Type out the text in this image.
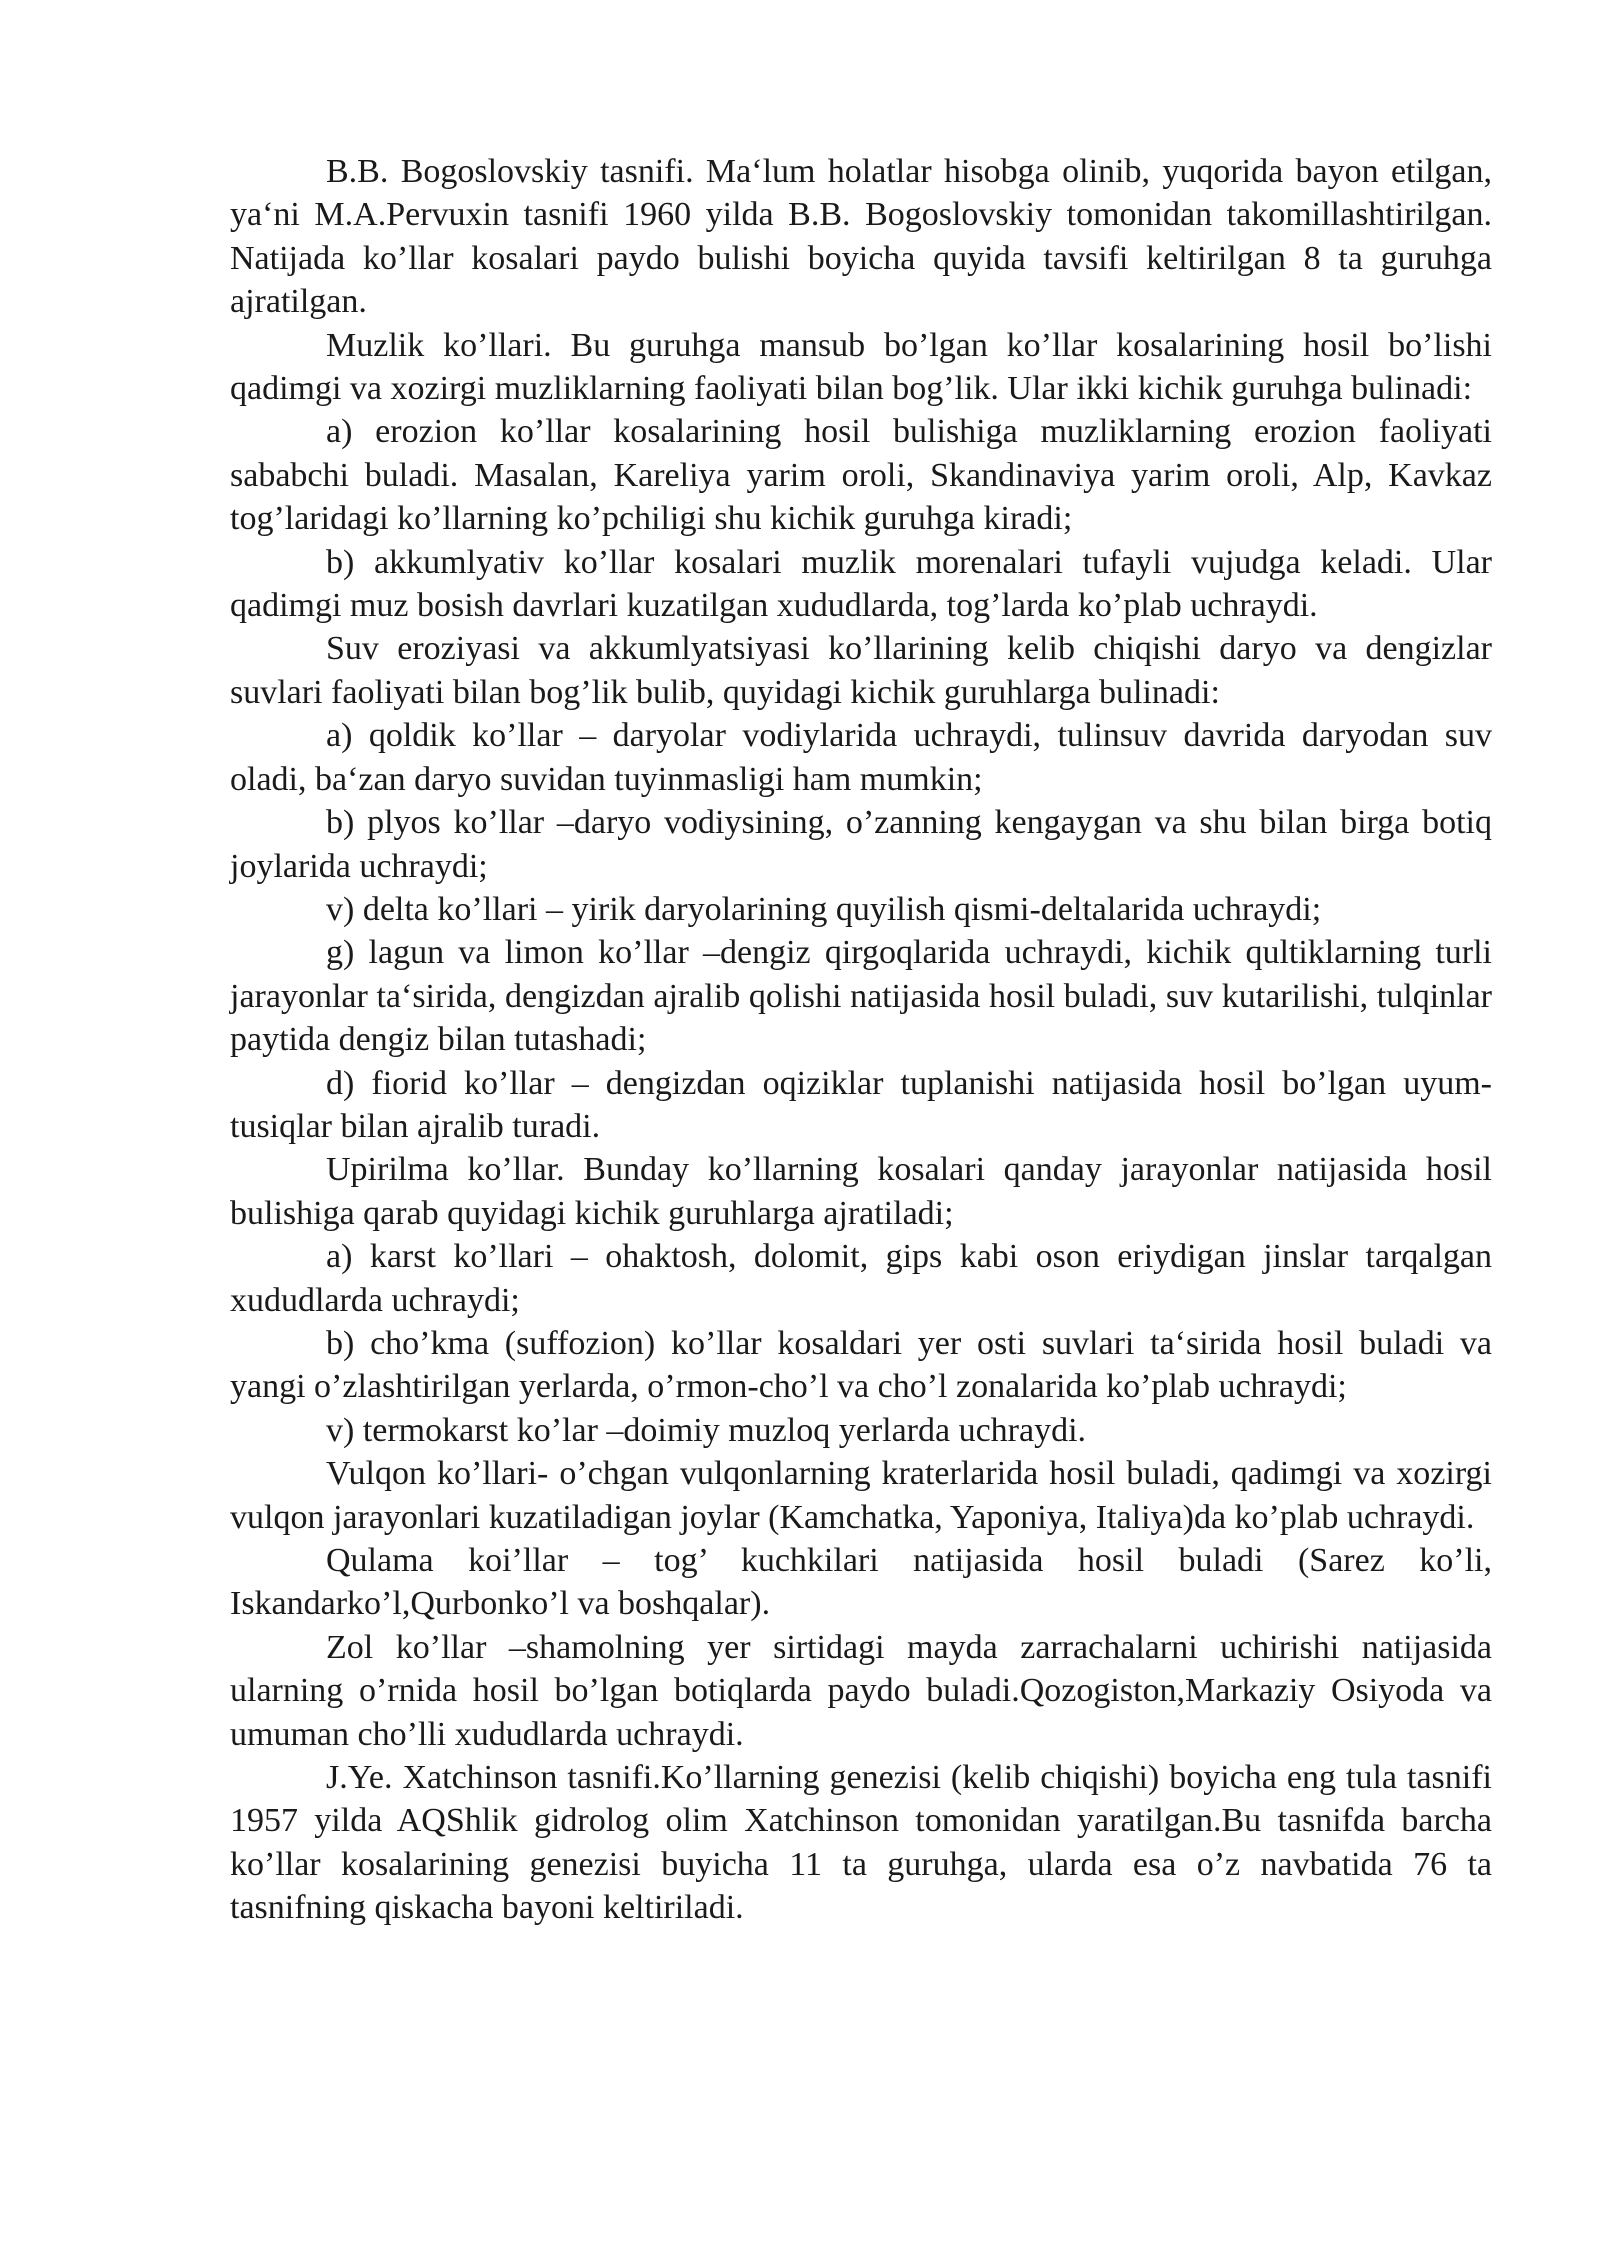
B.B. Bogoslovskiy tasnifi. Ma‘lum holatlar hisobga olinib, yuqorida bayon etilgan, ya‘ni M.A.Pervuxin tasnifi 1960 yilda B.B. Bogoslovskiy tomonidan takomillashtirilgan. Natijada ko’llar kosalari paydo bulishi boyicha quyida tavsifi keltirilgan 8 ta guruhga ajratilgan.

Muzlik ko’llari. Bu guruhga mansub bo’lgan ko’llar kosalarining hosil bo’lishi qadimgi va xozirgi muzliklarning faoliyati bilan bog’lik. Ular ikki kichik guruhga bulinadi:

a) erozion ko’llar kosalarining hosil bulishiga muzliklarning erozion faoliyati sababchi buladi. Masalan, Kareliya yarim oroli, Skandinaviya yarim oroli, Alp, Kavkaz tog’laridagi ko’llarning ko’pchiligi shu kichik guruhga kiradi;

b) akkumlyativ ko’llar kosalari muzlik morenalari tufayli vujudga keladi. Ular qadimgi muz bosish davrlari kuzatilgan xududlarda, tog’larda ko’plab uchraydi.

Suv eroziyasi va akkumlyatsiyasi ko’llarining kelib chiqishi daryo va dengizlar suvlari faoliyati bilan bog’lik bulib, quyidagi kichik guruhlarga bulinadi:

a) qoldik ko’llar – daryolar vodiylarida uchraydi, tulinsuv davrida daryodan suv oladi, ba‘zan daryo suvidan tuyinmasligi ham mumkin;

b) plyos ko’llar –daryo vodiysining, o’zanning kengaygan va shu bilan birga botiq joylarida uchraydi;

v) delta ko’llari – yirik daryolarining quyilish qismi-deltalarida uchraydi;

g) lagun va limon ko’llar –dengiz qirgoqlarida uchraydi, kichik qultiklarning turli jarayonlar ta‘sirida, dengizdan ajralib qolishi natijasida hosil buladi, suv kutarilishi, tulqinlar paytida dengiz bilan tutashadi;

d) fiorid ko’llar – dengizdan oqiziklar tuplanishi natijasida hosil bo’lgan uyum-tusiqlar bilan ajralib turadi.

Upirilma ko’llar. Bunday ko’llarning kosalari qanday jarayonlar natijasida hosil bulishiga qarab quyidagi kichik guruhlarga ajratiladi;

a) karst ko’llari – ohaktosh, dolomit, gips kabi oson eriydigan jinslar tarqalgan xududlarda uchraydi;

b) cho’kma (suffozion) ko’llar kosaldari yer osti suvlari ta‘sirida hosil buladi va yangi o’zlashtirilgan yerlarda, o’rmon-cho’l va cho’l zonalarida ko’plab uchraydi;

v) termokarst ko’lar –doimiy muzloq yerlarda uchraydi.

Vulqon ko’llari- o’chgan vulqonlarning kraterlarida hosil buladi, qadimgi va xozirgi vulqon jarayonlari kuzatiladigan joylar (Kamchatka, Yaponiya, Italiya)da ko’plab uchraydi.

Qulama koi’llar – tog’ kuchkilari natijasida hosil buladi (Sarez ko’li, Iskandarko’l,Qurbonko’l va boshqalar).

Zol ko’llar –shamolning yer sirtidagi mayda zarrachalarni uchirishi natijasida ularning o’rnida hosil bo’lgan botiqlarda paydo buladi.Qozogiston,Markaziy Osiyoda va umuman cho’lli xududlarda uchraydi.

J.Ye. Xatchinson tasnifi.Ko’llarning genezisi (kelib chiqishi) boyicha eng tula tasnifi 1957 yilda AQShlik gidrolog olim Xatchinson tomonidan yaratilgan.Bu tasnifda barcha ko’llar kosalarining genezisi buyicha 11 ta guruhga, ularda esa o’z navbatida 76 ta tasnifning qiskacha bayoni keltiriladi.
